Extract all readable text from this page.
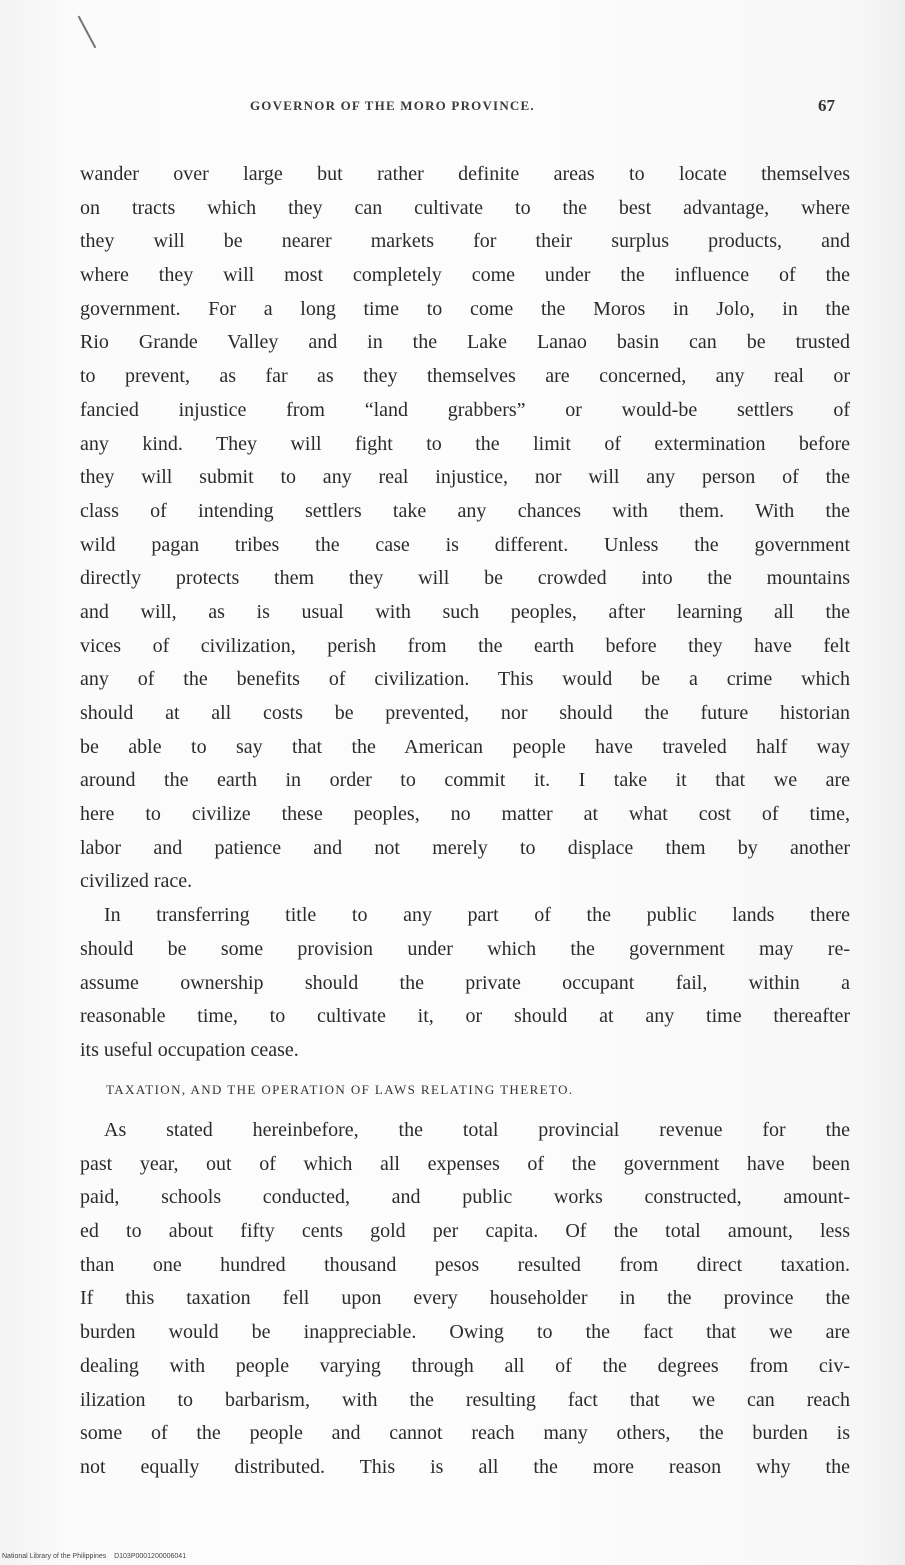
GOVERNOR OF THE MORO PROVINCE.	67
wander over large but rather definite areas to locate themselves
on tracts which they can cultivate to the best advantage, where
they will be nearer markets for their surplus products, and
where they will most completely come under the influence of the
government. For a long time to come the Moros in Jolo, in the
Rio Grande Valley and in the Lake Lanao basin can be trusted
to prevent, as far as they themselves are concerned, any real or
fancied injustice from “land grabbers” or would-be settlers of
any kind. They will fight to the limit of extermination before
they will submit to any real injustice, nor will any person of the
class of intending settlers take any chances with them. With the
wild pagan tribes the case is different. Unless the government
directly protects them they will be crowded into the mountains
and will, as is usual with such peoples, after learning all the
vices of civilization, perish from the earth before they have felt
any of the benefits of civilization. This would be a crime which
should at all costs be prevented, nor should the future historian
be able to say that the American people have traveled half way
around the earth in order to commit it. I take it that we are
here to civilize these peoples, no matter at what cost of time,
labor and patience and not merely to displace them by another
civilized race.
In transferring title to any part of the public lands there
should be some provision under which the government may re-
assume ownership should the private occupant fail, within a
reasonable time, to cultivate it, or should at any time thereafter
its useful occupation cease.
TAXATION, AND THE OPERATION OF LAWS RELATING THERETO.
As stated hereinbefore, the total provincial revenue for the
past year, out of which all expenses of the government have been
paid, schools conducted, and public works constructed, amount-
ed to about fifty cents gold per capita. Of the total amount, less
than one hundred thousand pesos resulted from direct taxation.
If this taxation fell upon every householder in the province the
burden would be inappreciable. Owing to the fact that we are
dealing with people varying through all of the degrees from civ-
ilization to barbarism, with the resulting fact that we can reach
some of the people and cannot reach many others, the burden is
not equally distributed. This is all the more reason why the
National Library of the Philippines D103P0001200006041
